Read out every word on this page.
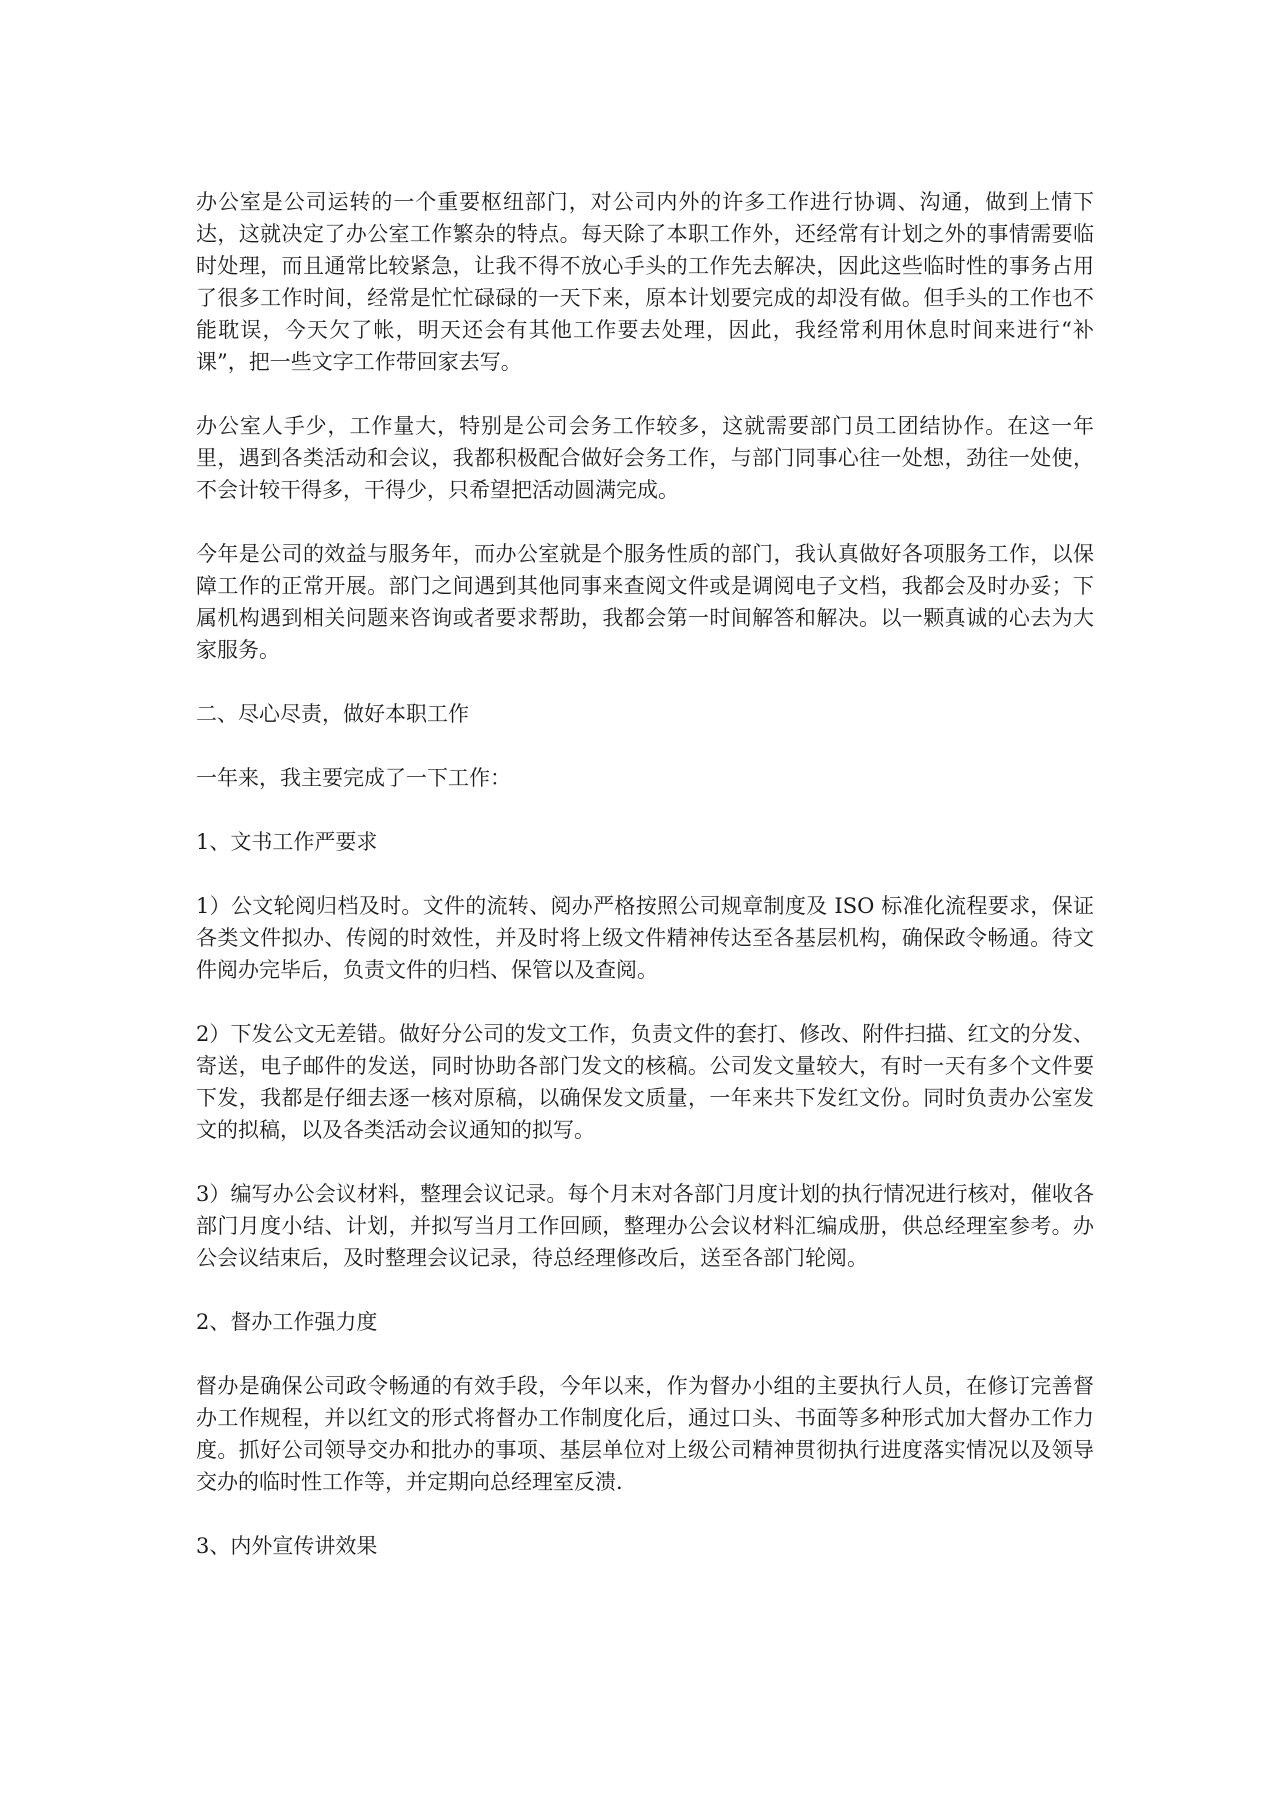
办公室是公司运转的一个重要枢纽部门，对公司内外的许多工作进行协调、沟通，做到上情下达，这就决定了办公室工作繁杂的特点。每天除了本职工作外，还经常有计划之外的事情需要临时处理，而且通常比较紧急，让我不得不放心手头的工作先去解决，因此这些临时性的事务占用了很多工作时间，经常是忙忙碌碌的一天下来，原本计划要完成的却没有做。但手头的工作也不能耽误，今天欠了帐，明天还会有其他工作要去处理，因此，我经常利用休息时间来进行“补课”，把一些文字工作带回家去写。

办公室人手少，工作量大，特别是公司会务工作较多，这就需要部门员工团结协作。在这一年里，遇到各类活动和会议，我都积极配合做好会务工作，与部门同事心往一处想，劲往一处使，不会计较干得多，干得少，只希望把活动圆满完成。

今年是公司的效益与服务年，而办公室就是个服务性质的部门，我认真做好各项服务工作，以保障工作的正常开展。部门之间遇到其他同事来查阅文件或是调阅电子文档，我都会及时办妥；下属机构遇到相关问题来咨询或者要求帮助，我都会第一时间解答和解决。以一颗真诚的心去为大家服务。

二、尽心尽责，做好本职工作

一年来，我主要完成了一下工作：

1、文书工作严要求

1）公文轮阅归档及时。文件的流转、阅办严格按照公司规章制度及 ISO 标准化流程要求，保证各类文件拟办、传阅的时效性，并及时将上级文件精神传达至各基层机构，确保政令畅通。待文件阅办完毕后，负责文件的归档、保管以及查阅。

2）下发公文无差错。做好分公司的发文工作，负责文件的套打、修改、附件扫描、红文的分发、寄送，电子邮件的发送，同时协助各部门发文的核稿。公司发文量较大，有时一天有多个文件要下发，我都是仔细去逐一核对原稿，以确保发文质量，一年来共下发红文份。同时负责办公室发文的拟稿，以及各类活动会议通知的拟写。

3）编写办公会议材料，整理会议记录。每个月末对各部门月度计划的执行情况进行核对，催收各部门月度小结、计划，并拟写当月工作回顾，整理办公会议材料汇编成册，供总经理室参考。办公会议结束后，及时整理会议记录，待总经理修改后，送至各部门轮阅。

2、督办工作强力度

督办是确保公司政令畅通的有效手段，今年以来，作为督办小组的主要执行人员，在修订完善督办工作规程，并以红文的形式将督办工作制度化后，通过口头、书面等多种形式加大督办工作力度。抓好公司领导交办和批办的事项、基层单位对上级公司精神贯彻执行进度落实情况以及领导交办的临时性工作等，并定期向总经理室反溃.

3、内外宣传讲效果
